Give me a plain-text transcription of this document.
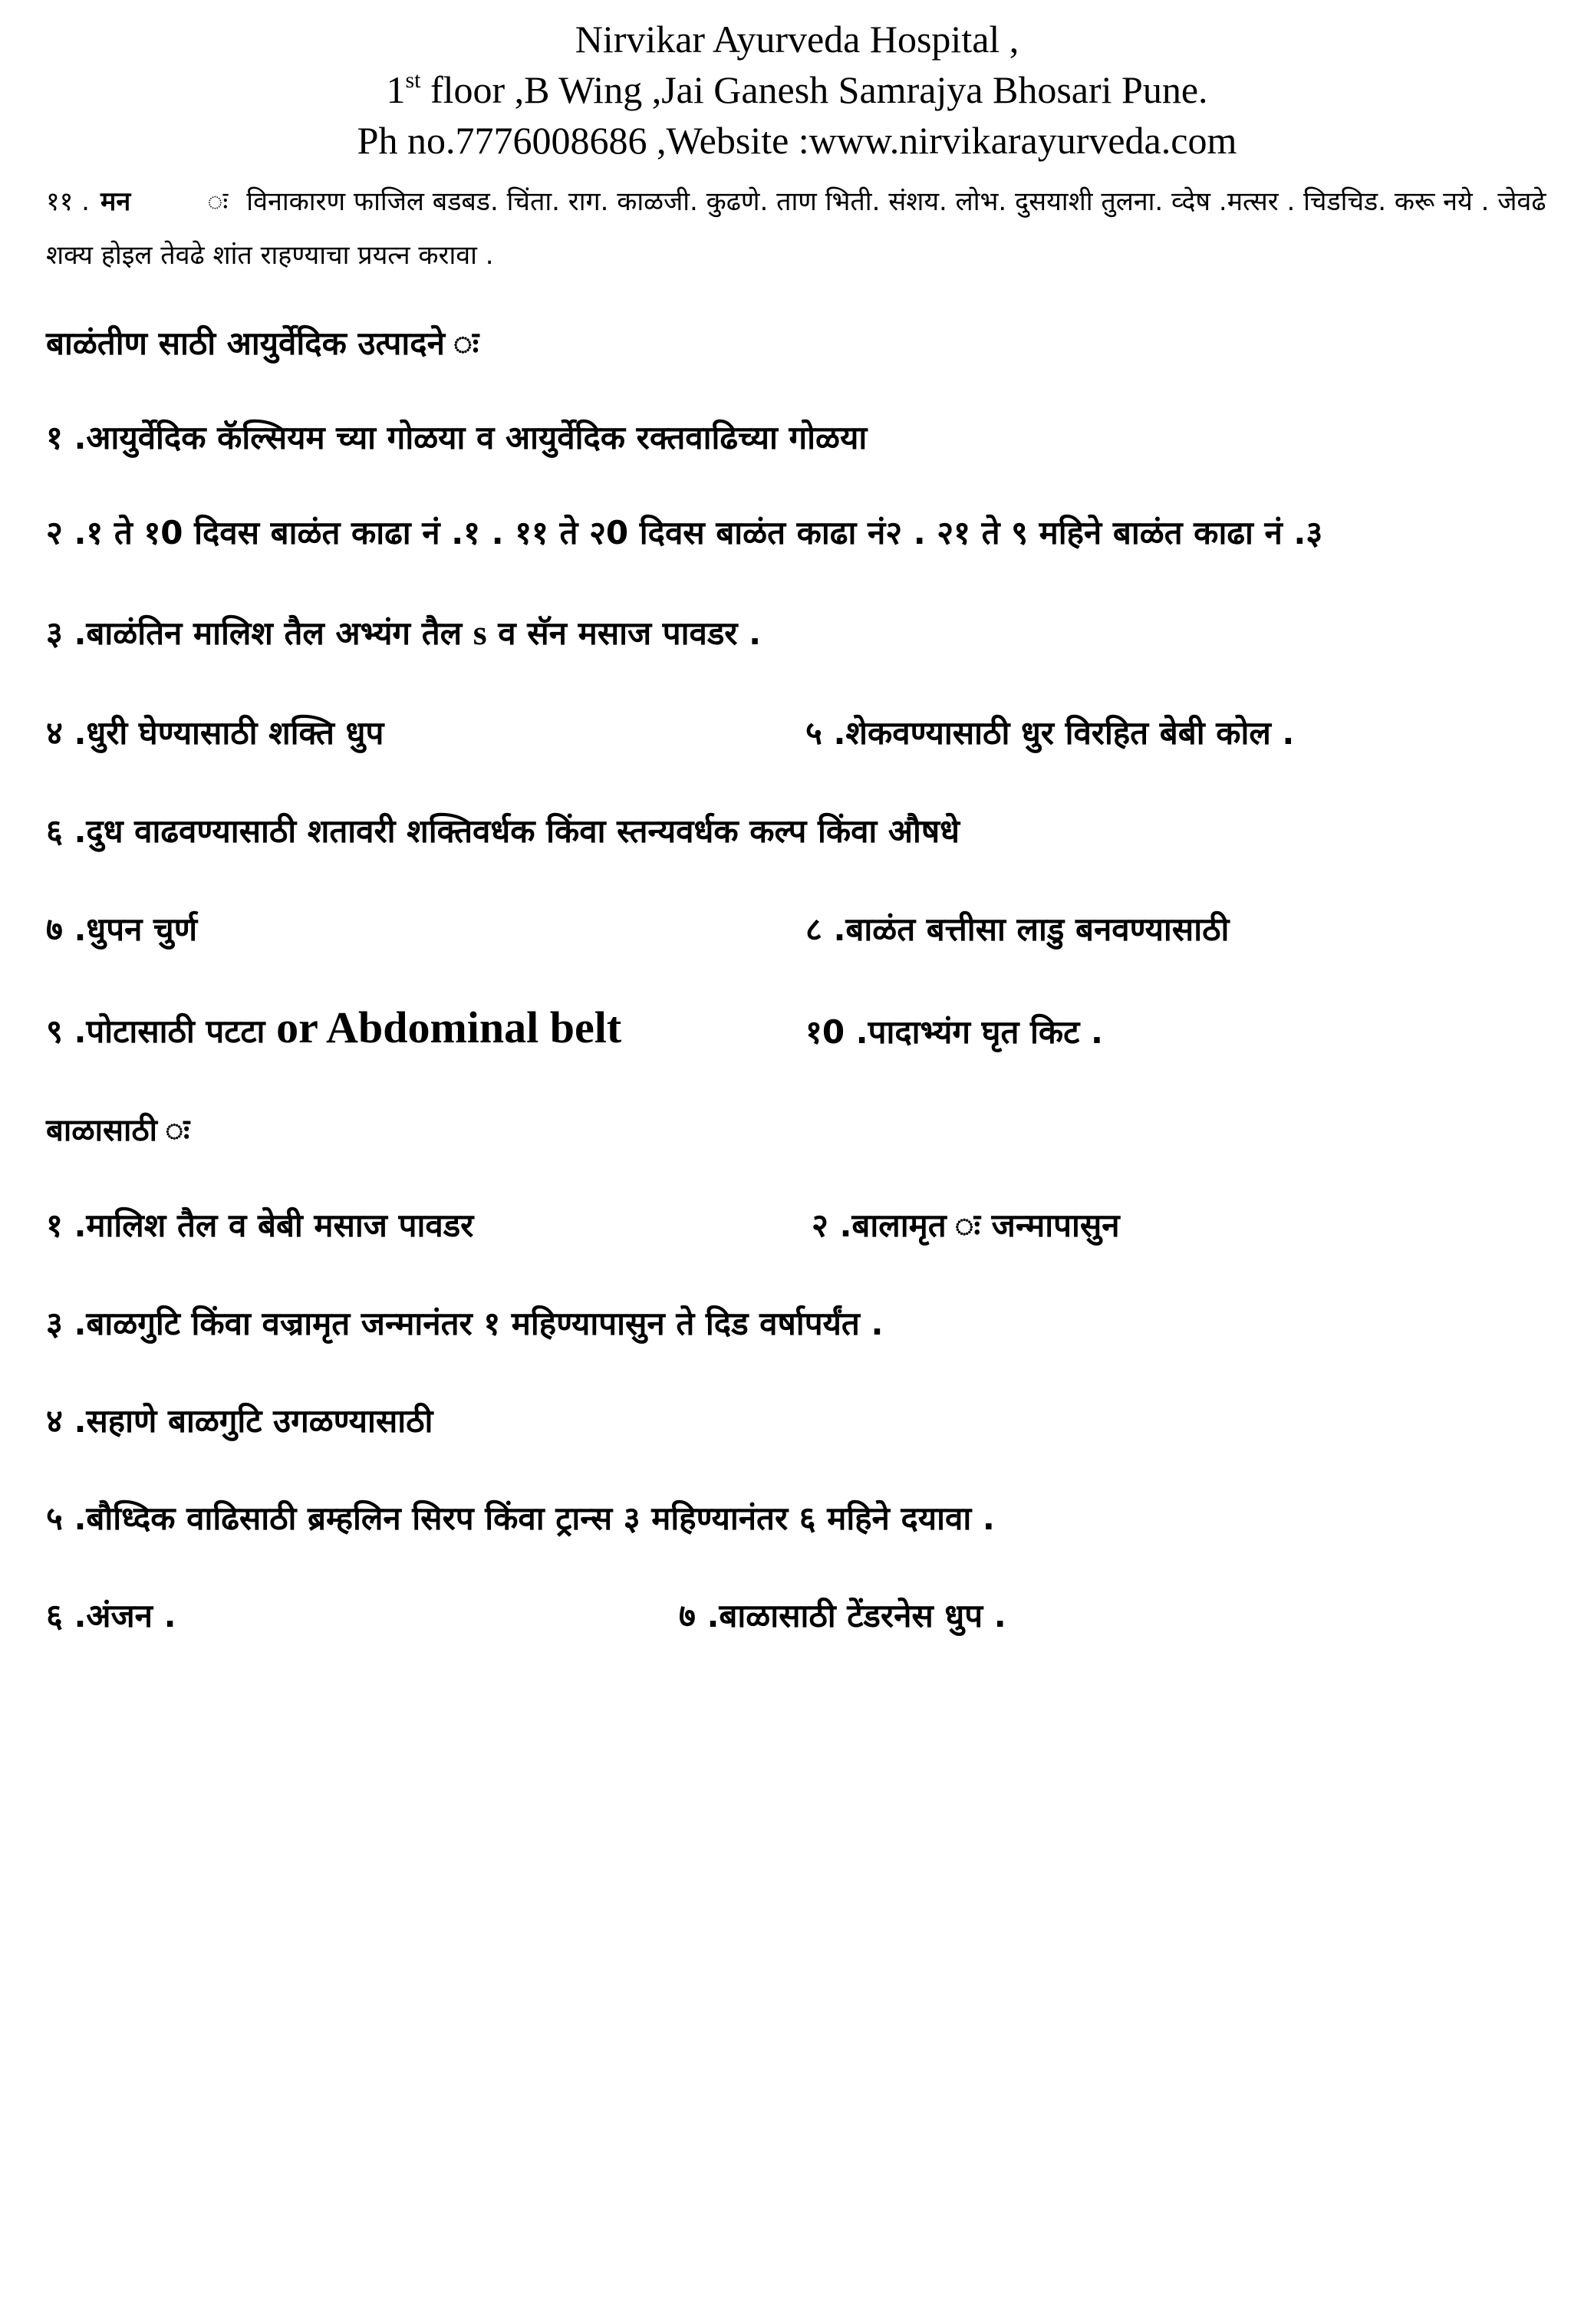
Nirvikar Ayurveda Hospital ,
1st floor ,B Wing ,Jai Ganesh Samrajya Bhosari Pune.
Ph no.7776008686 ,Website :www.nirvikarayurveda.com
११ . मन	ः विनाकारण फाजिल बडबड. चिंता. राग. काळजी. कुढणे. ताण भिती. संशय. लोभ. दुसयाशी तुलना. व्देष .मत्सर . चिडचिड. करू नये . जेवढे शक्य होइल तेवढे शांत राहण्याचा प्रयत्न करावा .
बाळंतीण साठी आयुर्वेदिक उत्पादने ः
१ .आयुर्वेदिक कॅल्सियम च्या गोळया व आयुर्वेदिक रक्तवाढिच्या गोळया
२ .१ ते १0 दिवस बाळंत काढा नं .१ . ११ ते २0 दिवस बाळंत काढा नं२ . २१ ते ९ महिने बाळंत काढा नं .३
३ .बाळंतिन मालिश तैल अभ्यंग तैल s व सॅन मसाज पावडर .
४ .धुरी घेण्यासाठी शक्ति धुप	५ .शेकवण्यासाठी धुर विरहित बेबी कोल .
६ .दुध वाढवण्यासाठी शतावरी शक्तिवर्धक किंवा स्तन्यवर्धक कल्प किंवा औषधे
७ .धुपन चुर्ण	८ .बाळंत बत्तीसा लाडु बनवण्यासाठी
९ .पोटासाठी पटटा or Abdominal belt	१0 .पादाभ्यंग घृत किट .
बाळासाठी ः
१ .मालिश तैल व बेबी मसाज पावडर	२ .बालामृत ः जन्मापासुन
३ .बाळगुटि किंवा वज्रामृत जन्मानंतर १ महिण्यापासुन ते दिड वर्षापर्यंत .
४ .सहाणे बाळगुटि उगळण्यासाठी
५ .बौध्दिक वाढिसाठी ब्रम्हलिन सिरप किंवा ट्रान्स ३ महिण्यानंतर ६ महिने दयावा .
६ .अंजन .	७ .बाळासाठी टेंडरनेस धुप .
